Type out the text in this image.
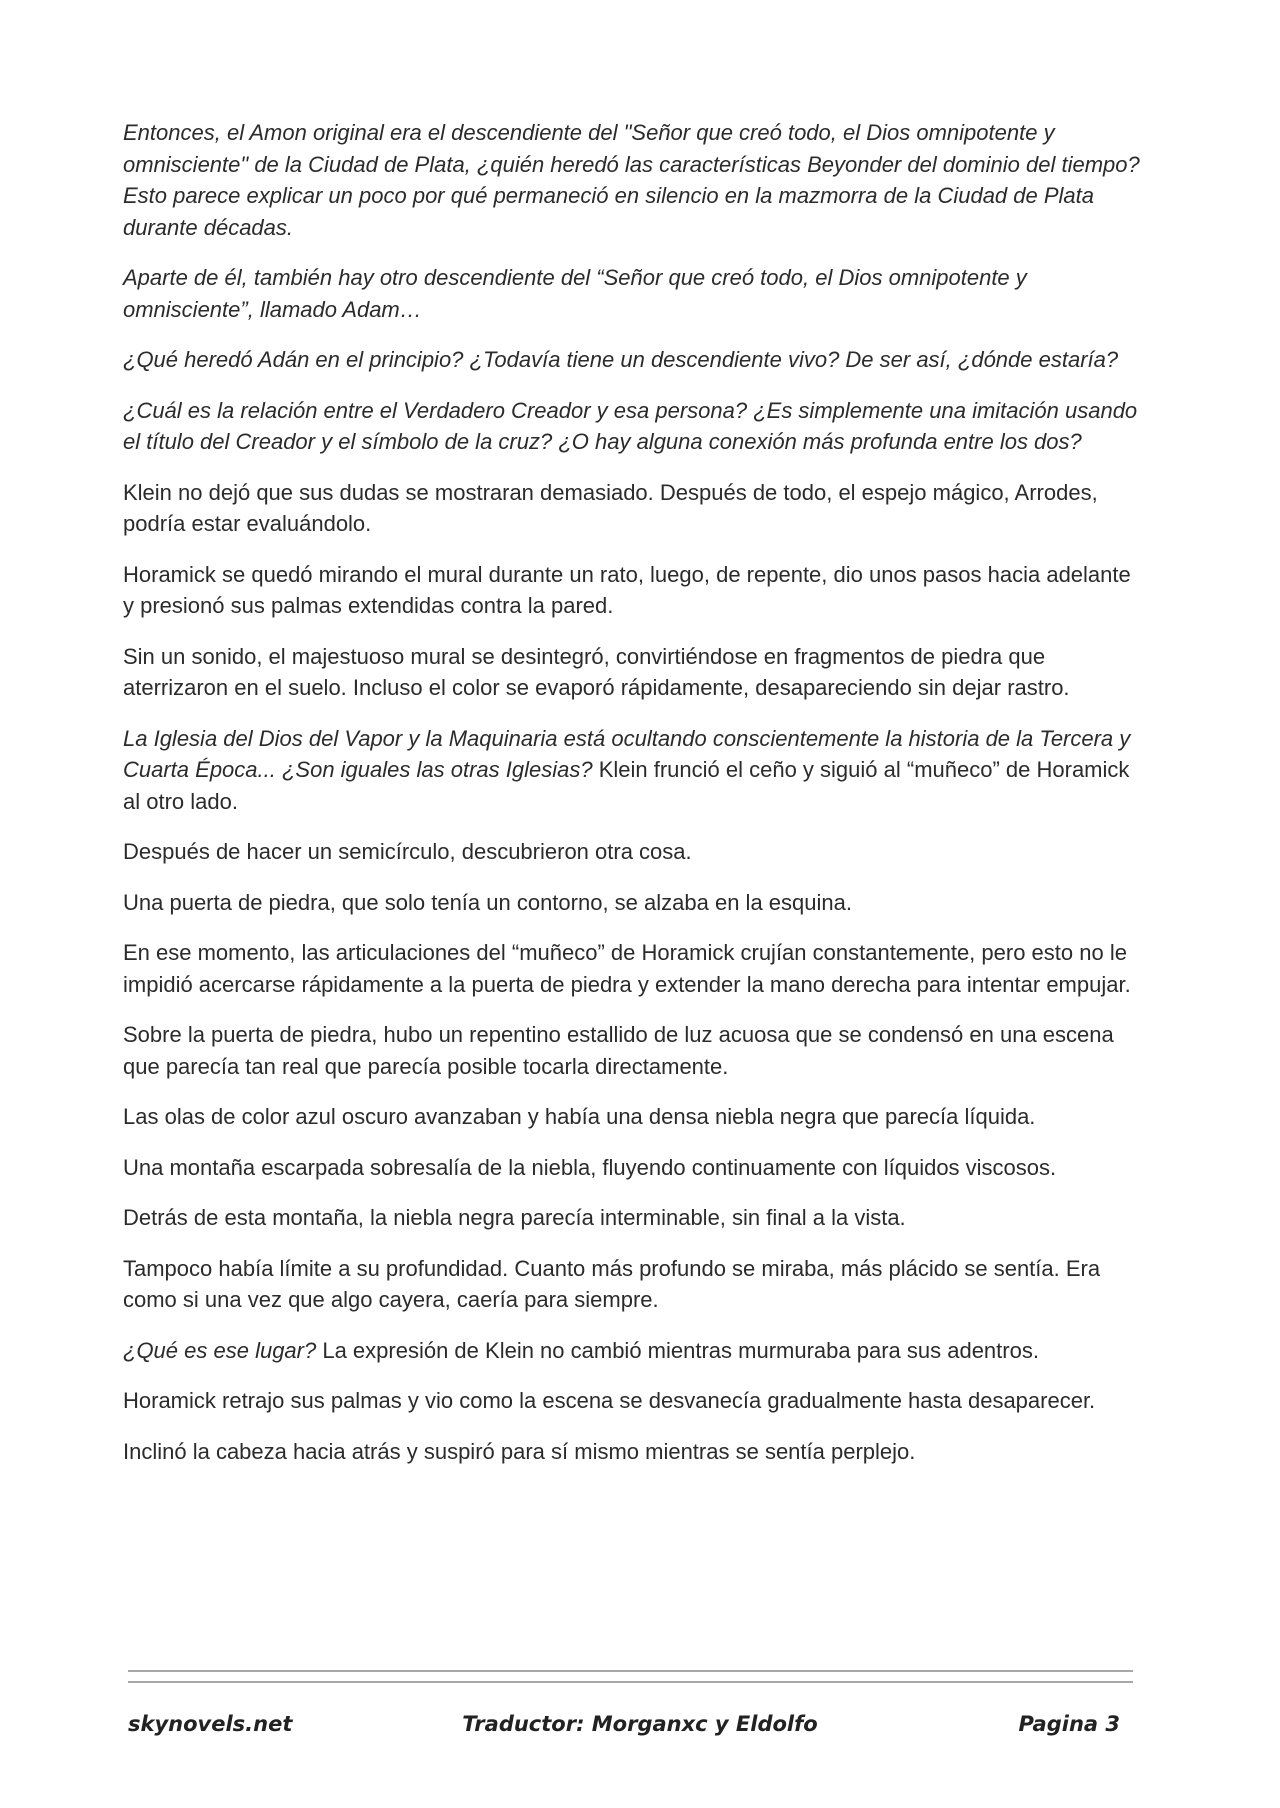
Entonces, el Amon original era el descendiente del "Señor que creó todo, el Dios omnipotente y omnisciente" de la Ciudad de Plata, ¿quién heredó las características Beyonder del dominio del tiempo? Esto parece explicar un poco por qué permaneció en silencio en la mazmorra de la Ciudad de Plata durante décadas.

Aparte de él, también hay otro descendiente del “Señor que creó todo, el Dios omnipotente y omnisciente”, llamado Adam…

¿Qué heredó Adán en el principio? ¿Todavía tiene un descendiente vivo? De ser así, ¿dónde estaría?

¿Cuál es la relación entre el Verdadero Creador y esa persona? ¿Es simplemente una imitación usando el título del Creador y el símbolo de la cruz? ¿O hay alguna conexión más profunda entre los dos?

Klein no dejó que sus dudas se mostraran demasiado. Después de todo, el espejo mágico, Arrodes, podría estar evaluándolo.

Horamick se quedó mirando el mural durante un rato, luego, de repente, dio unos pasos hacia adelante y presionó sus palmas extendidas contra la pared.

Sin un sonido, el majestuoso mural se desintegró, convirtiéndose en fragmentos de piedra que aterrizaron en el suelo. Incluso el color se evaporó rápidamente, desapareciendo sin dejar rastro.

La Iglesia del Dios del Vapor y la Maquinaria está ocultando conscientemente la historia de la Tercera y Cuarta Época... ¿Son iguales las otras Iglesias? Klein frunció el ceño y siguió al “muñeco” de Horamick al otro lado.

Después de hacer un semicírculo, descubrieron otra cosa.

Una puerta de piedra, que solo tenía un contorno, se alzaba en la esquina.

En ese momento, las articulaciones del “muñeco” de Horamick crujían constantemente, pero esto no le impidió acercarse rápidamente a la puerta de piedra y extender la mano derecha para intentar empujar.

Sobre la puerta de piedra, hubo un repentino estallido de luz acuosa que se condensó en una escena que parecía tan real que parecía posible tocarla directamente.

Las olas de color azul oscuro avanzaban y había una densa niebla negra que parecía líquida.

Una montaña escarpada sobresalía de la niebla, fluyendo continuamente con líquidos viscosos.

Detrás de esta montaña, la niebla negra parecía interminable, sin final a la vista.

Tampoco había límite a su profundidad. Cuanto más profundo se miraba, más plácido se sentía. Era como si una vez que algo cayera, caería para siempre.

¿Qué es ese lugar? La expresión de Klein no cambió mientras murmuraba para sus adentros.

Horamick retrajo sus palmas y vio como la escena se desvanecía gradualmente hasta desaparecer.

Inclinó la cabeza hacia atrás y suspiró para sí mismo mientras se sentía perplejo.

skynovels.net	Traductor: Morganxc y Eldolfo	Pagina 3
